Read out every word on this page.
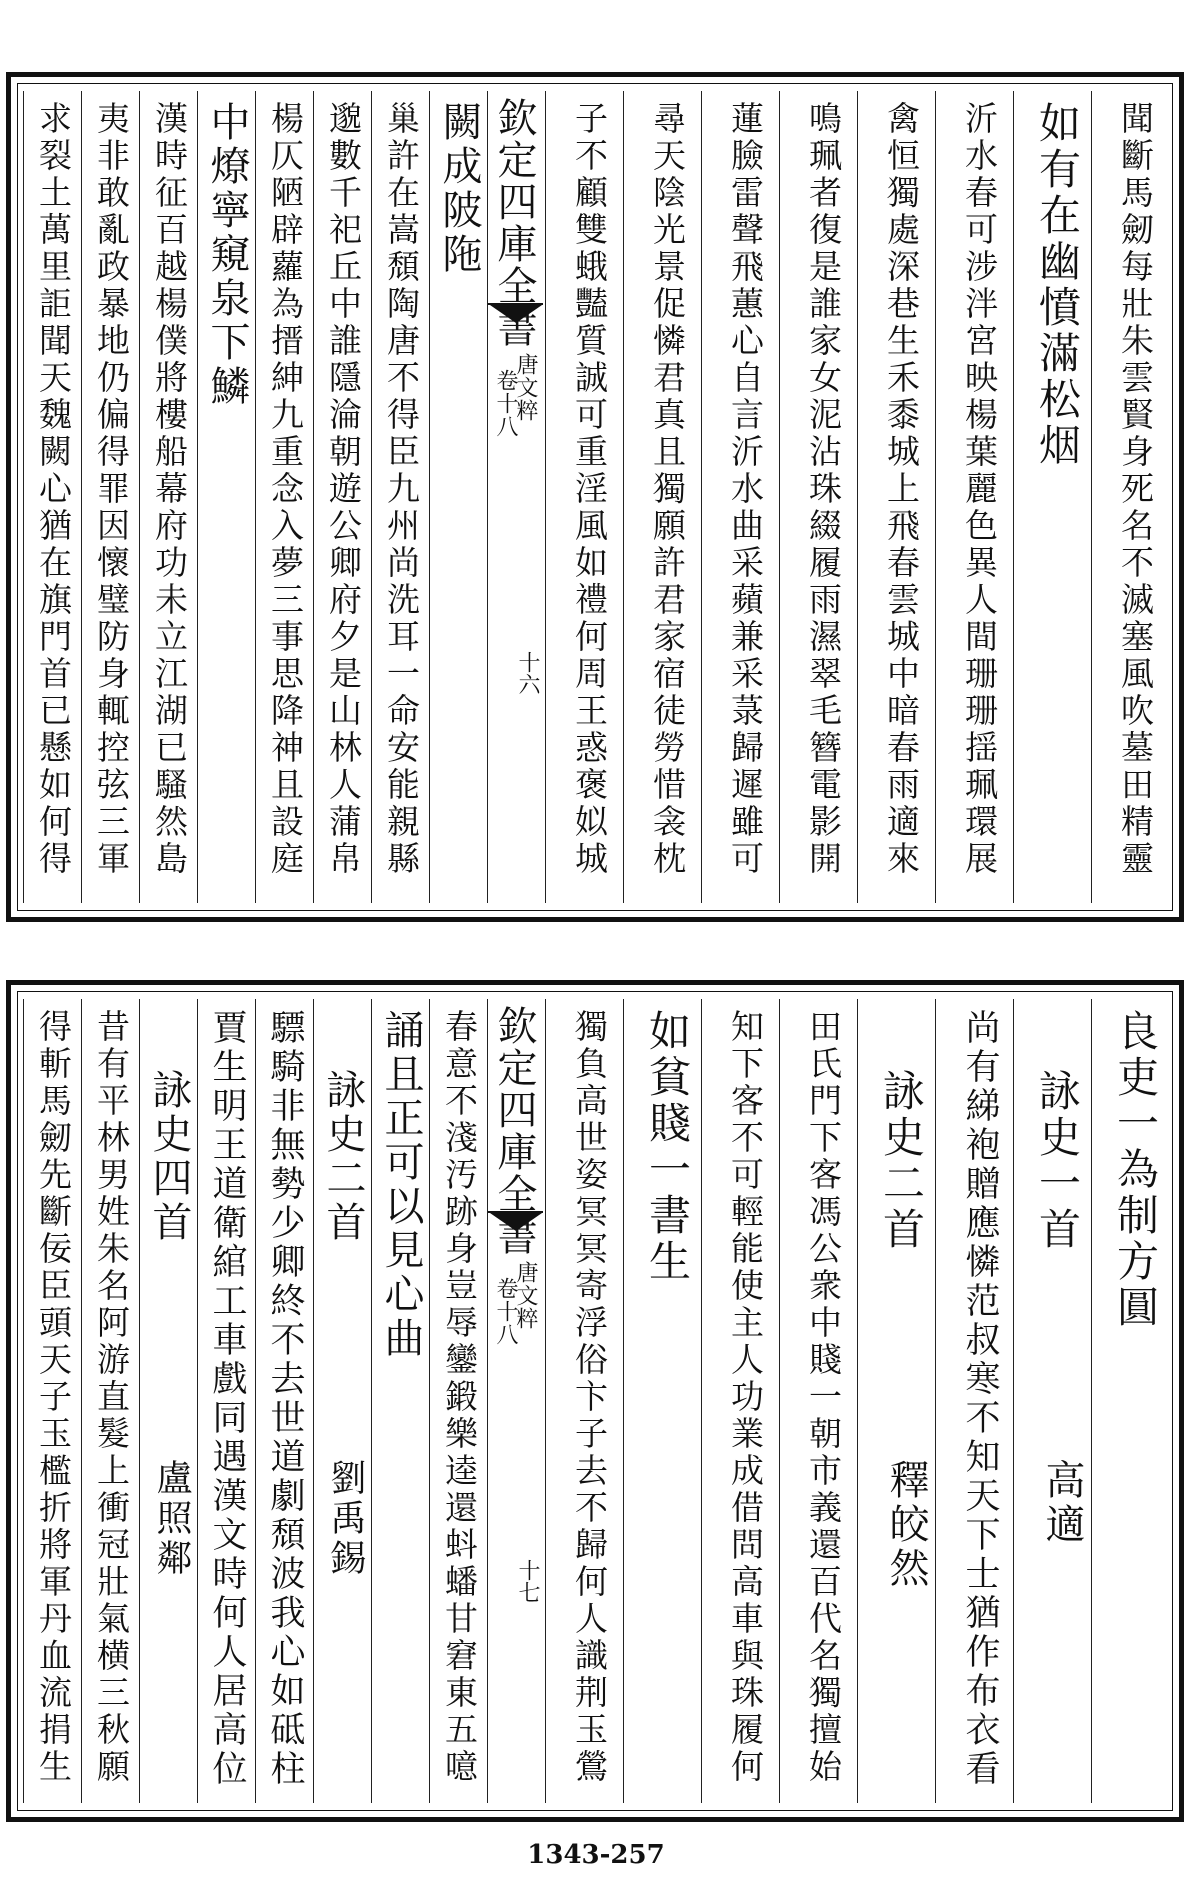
聞斷馬劒每壯朱雲賢身死名不滅塞風吹墓田精靈
如有在幽憤滿松烟
沂水春可涉泮宮映楊葉麗色異人間珊珊揺珮環展
禽恒獨處深巷生禾黍城上飛春雲城中暗春雨適來
鳴珮者復是誰家女泥沾珠綴履雨濕翠毛簪電影開
蓮臉雷聲飛蕙心自言沂水曲采蘋兼采菉歸遲雖可
尋天陰光景促憐君真且獨願許君家宿徒勞惜衾枕
子不顧雙蛾豔質誠可重淫風如禮何周王惑褒姒城
欽定四庫全書
唐文粹
卷十八
十六
闕成陂陁
巢許在嵩頹陶唐不得臣九州尚洗耳一命安能親縣
邈數千祀丘中誰隱淪朝遊公卿府夕是山林人蒲帛
楊仄陋辟蘿為搢紳九重念入夢三事思降神且設庭
中燎寧窺泉下鱗
漢時征百越楊僕將樓船幕府功未立江湖已騷然島
夷非敢亂政暴地仍偏得罪因懷璧防身輒控弦三軍
求裂土萬里詎聞天魏闕心猶在旗門首已懸如何得
良吏一為制方圓
詠史一首
高適
尚有綈袍贈應憐范叔寒不知天下士猶作布衣看
詠史二首
釋皎然
田氏門下客馮公衆中賤一朝市義還百代名獨擅始
知下客不可輕能使主人功業成借問高車與珠履何
如貧賤一書生
獨負高世姿冥冥寄浮俗卞子去不歸何人識荆玉鶯
欽定四庫全書
唐文粹
卷十八
十七
春意不淺汚跡身豈辱鑾鍛樂逵還蚪蟠甘窘東五噫
誦且正可以見心曲
詠史二首
劉禹錫
驃騎非無勢少卿終不去世道劇頹波我心如砥柱
賈生明王道衛綰工車戲同遇漢文時何人居高位
詠史四首
盧照鄰
昔有平林男姓朱名阿游直髮上衝冠壯氣横三秋願
得斬馬劒先斷佞臣頭天子玉檻折將軍丹血流捐生
1343-257
